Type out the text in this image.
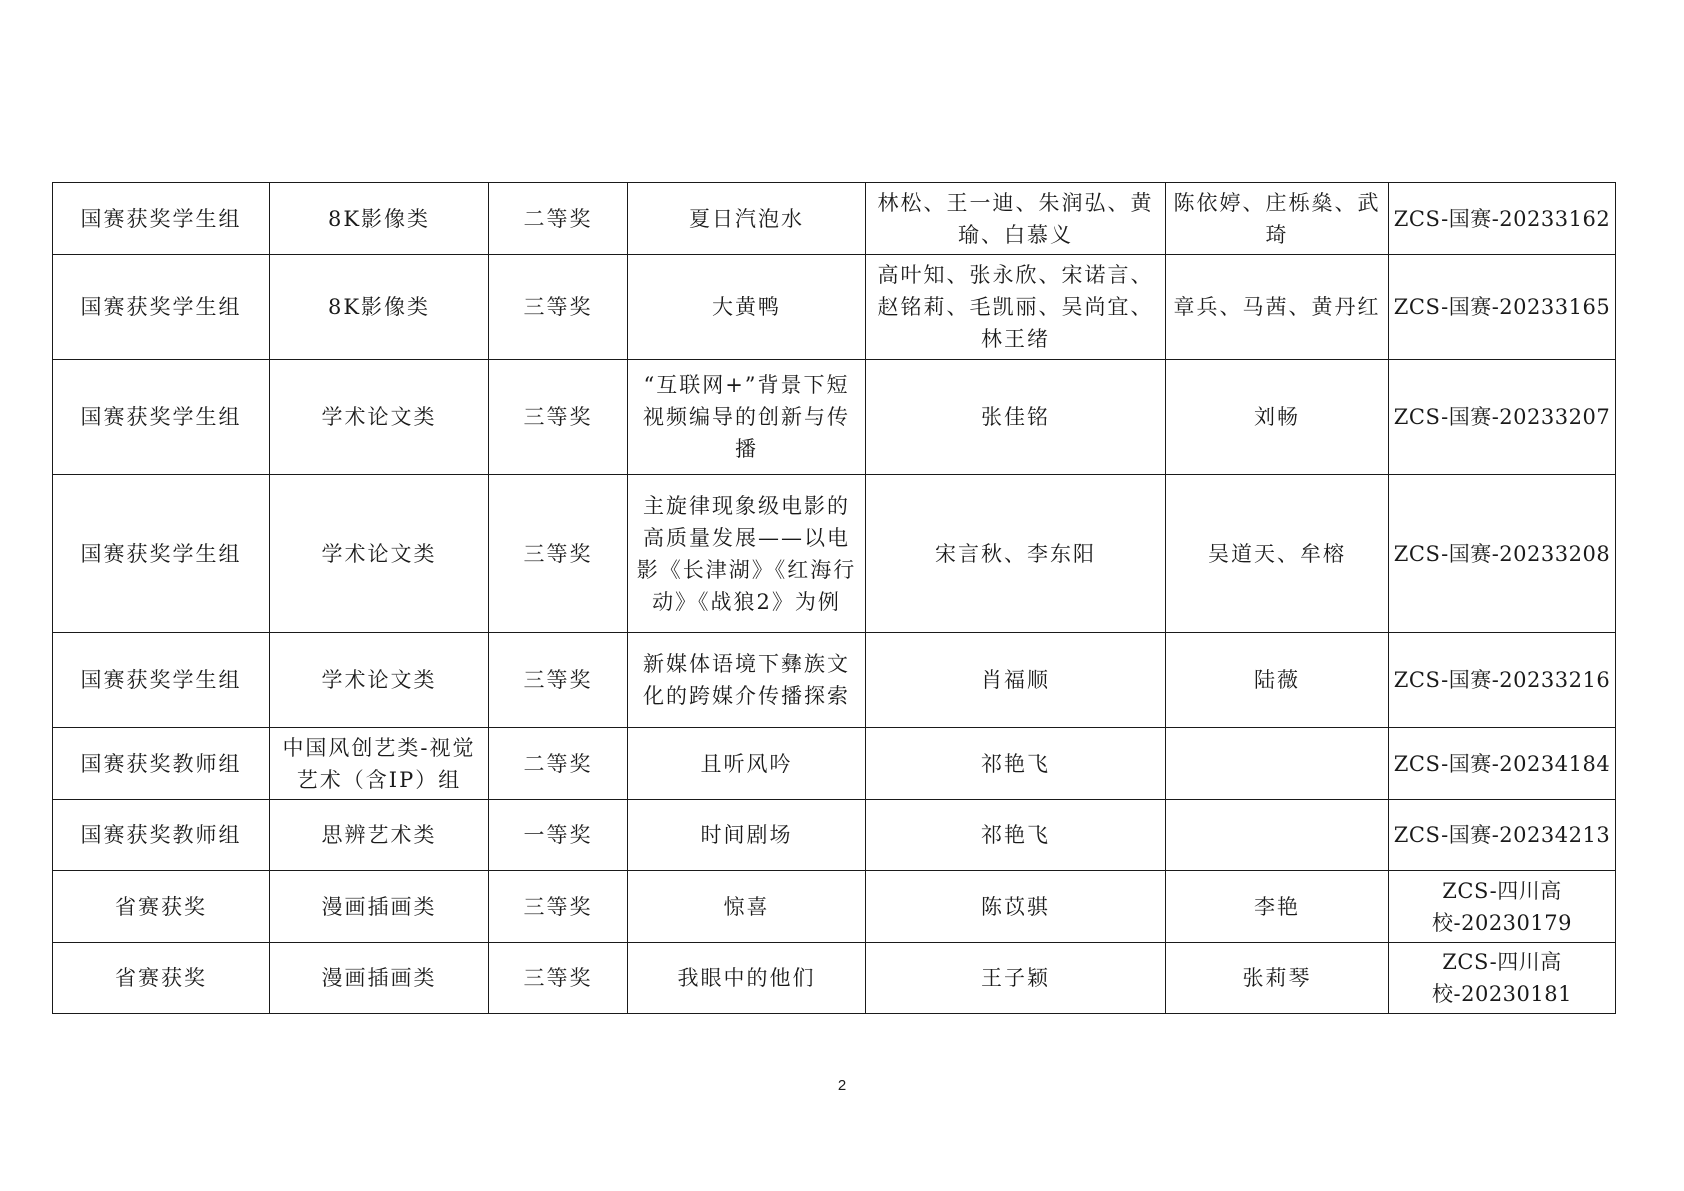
国赛获奖学生组	8K影像类	二等奖	夏日汽泡水	林松、王一迪、朱润弘、黄瑜、白慕义	陈依婷、庄栎燊、武琦	ZCS-国赛-20233162
国赛获奖学生组	8K影像类	三等奖	大黄鸭	高叶知、张永欣、宋诺言、赵铭莉、毛凯丽、吴尚宜、林王绪	章兵、马茜、黄丹红	ZCS-国赛-20233165
国赛获奖学生组	学术论文类	三等奖	“互联网+”背景下短视频编导的创新与传播	张佳铭	刘畅	ZCS-国赛-20233207
国赛获奖学生组	学术论文类	三等奖	主旋律现象级电影的高质量发展——以电影《长津湖》《红海行动》《战狼2》为例	宋言秋、李东阳	吴道天、牟榕	ZCS-国赛-20233208
国赛获奖学生组	学术论文类	三等奖	新媒体语境下彝族文化的跨媒介传播探索	肖福顺	陆薇	ZCS-国赛-20233216
国赛获奖教师组	中国风创艺类-视觉艺术（含IP）组	二等奖	且听风吟	祁艳飞		ZCS-国赛-20234184
国赛获奖教师组	思辨艺术类	一等奖	时间剧场	祁艳飞		ZCS-国赛-20234213
省赛获奖	漫画插画类	三等奖	惊喜	陈苡骐	李艳	ZCS-四川高校-20230179
省赛获奖	漫画插画类	三等奖	我眼中的他们	王子颖	张莉琴	ZCS-四川高校-20230181
2
